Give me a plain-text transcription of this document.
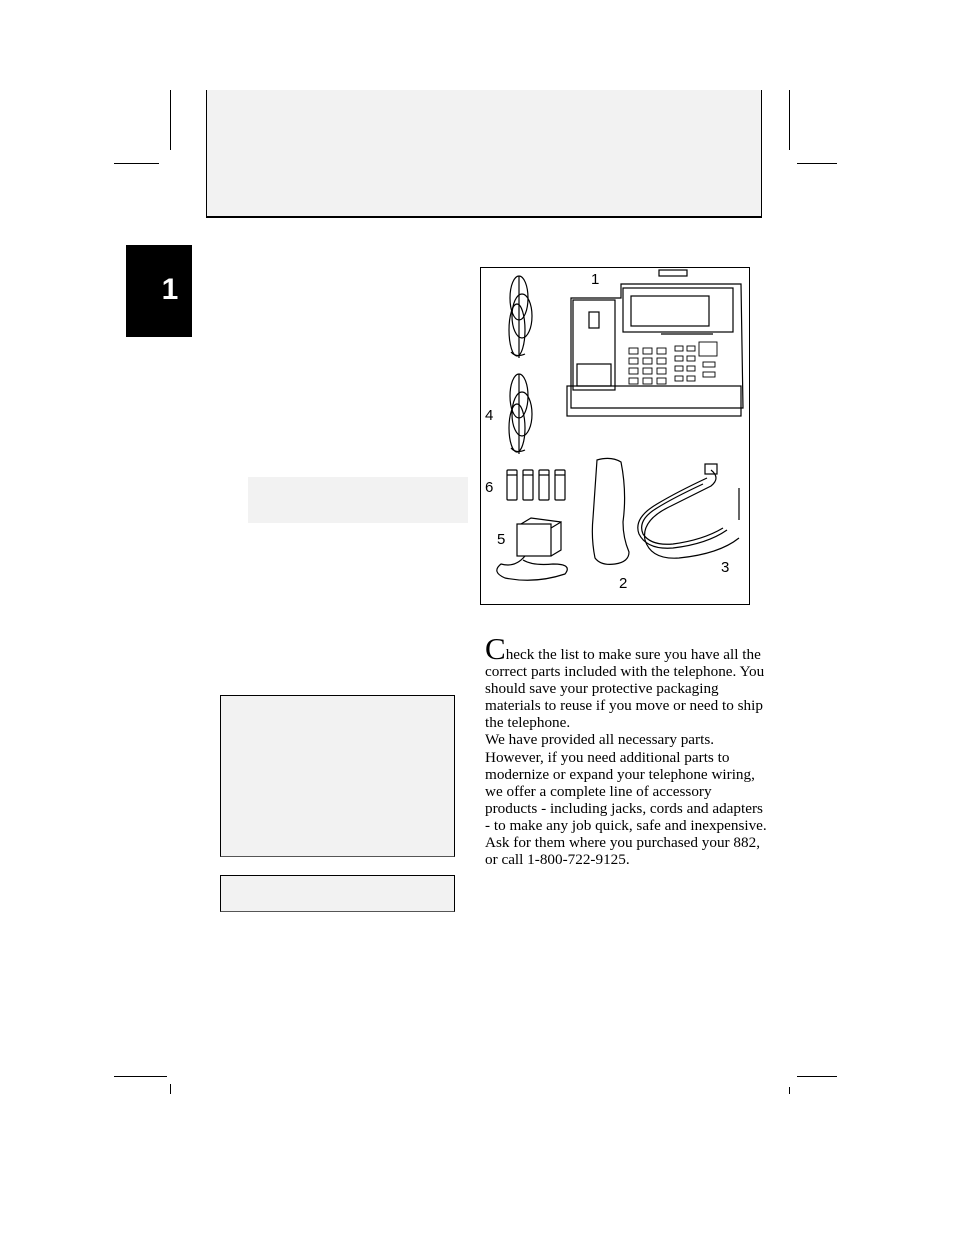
1	1
2
3
4
5
6

Check the list to make sure you have all the correct parts included with the telephone. You should save your protective packaging materials to reuse if you move or need to ship the telephone.

We have provided all necessary parts. However, if you need additional parts to modernize or expand your telephone wiring, we offer a complete line of accessory products - including jacks, cords and adapters - to make any job quick, safe and inexpensive. Ask for them where you purchased your 882, or call 1-800-722-9125.
